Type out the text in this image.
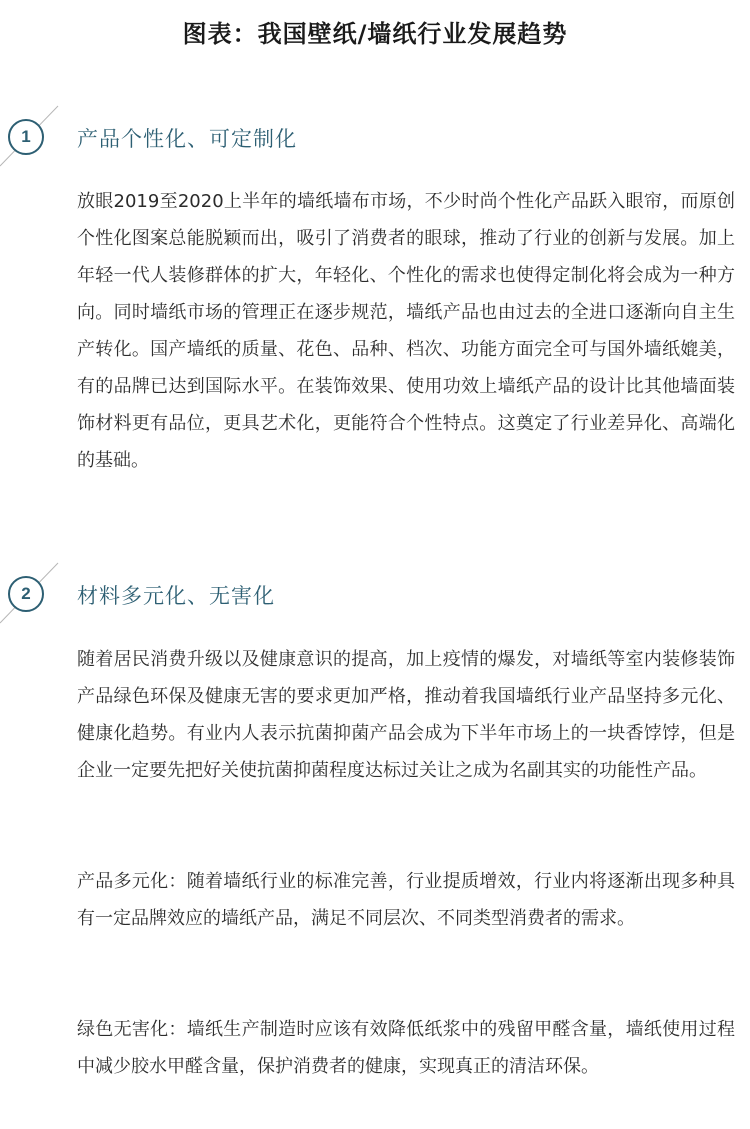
图表：我国壁纸/墙纸行业发展趋势
1	产品个性化、可定制化

放眼2019至2020上半年的墙纸墙布市场，不少时尚个性化产品跃入眼帘，而原创个性化图案总能脱颖而出，吸引了消费者的眼球，推动了行业的创新与发展。加上年轻一代人装修群体的扩大，年轻化、个性化的需求也使得定制化将会成为一种方向。同时墙纸市场的管理正在逐步规范，墙纸产品也由过去的全进口逐渐向自主生产转化。国产墙纸的质量、花色、品种、档次、功能方面完全可与国外墙纸媲美，有的品牌已达到国际水平。在装饰效果、使用功效上墙纸产品的设计比其他墙面装饰材料更有品位，更具艺术化，更能符合个性特点。这奠定了行业差异化、高端化的基础。

2	材料多元化、无害化

随着居民消费升级以及健康意识的提高，加上疫情的爆发，对墙纸等室内装修装饰产品绿色环保及健康无害的要求更加严格，推动着我国墙纸行业产品坚持多元化、健康化趋势。有业内人表示抗菌抑菌产品会成为下半年市场上的一块香饽饽，但是企业一定要先把好关使抗菌抑菌程度达标过关让之成为名副其实的功能性产品。

产品多元化：随着墙纸行业的标准完善，行业提质增效，行业内将逐渐出现多种具有一定品牌效应的墙纸产品，满足不同层次、不同类型消费者的需求。

绿色无害化：墙纸生产制造时应该有效降低纸浆中的残留甲醛含量，墙纸使用过程中减少胶水甲醛含量，保护消费者的健康，实现真正的清洁环保。
